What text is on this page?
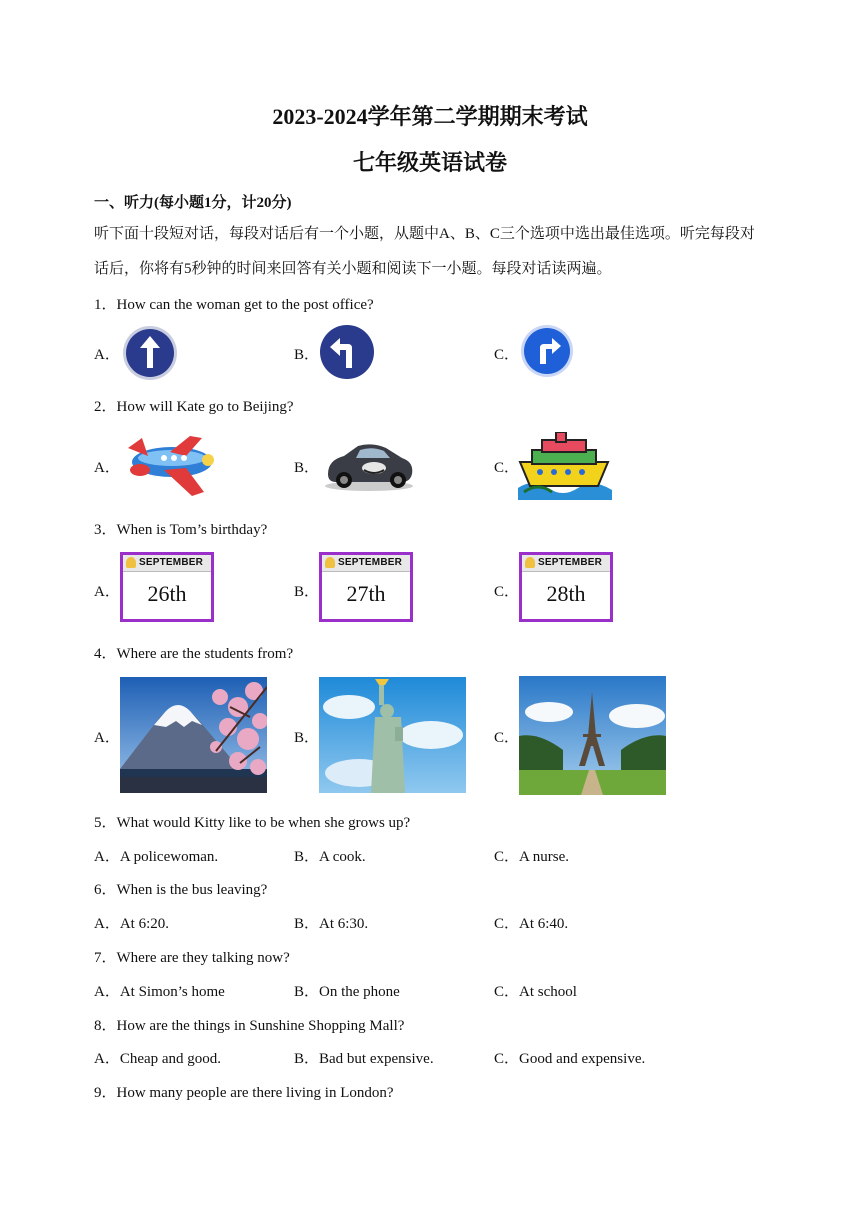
2023-2024学年第二学期期末考试
七年级英语试卷
一、听力(每小题1分，计20分)
听下面十段短对话，每段对话后有一个小题，从题中A、B、C三个选项中选出最佳选项。听完每段对
话后，你将有5秒钟的时间来回答有关小题和阅读下一小题。每段对话读两遍。
1．How can the woman get to the post office?
A．	B．	C．
2．How will Kate go to Beijing?
A．	B．	C．
3．When is Tom’s birthday?
A．	B．	C．
SEPTEMBER
26th
SEPTEMBER
27th
SEPTEMBER
28th
4．Where are the students from?
A．	B．	C．
5．What would Kitty like to be when she grows up?
A．A policewoman.	B．A cook.	C．A nurse.
6．When is the bus leaving?
A．At 6:20.	B．At 6:30.	C．At 6:40.
7．Where are they talking now?
A．At Simon’s home	B．On the phone	C．At school
8．How are the things in Sunshine Shopping Mall?
A．Cheap and good.	B．Bad but expensive.	C．Good and expensive.
9．How many people are there living in London?
